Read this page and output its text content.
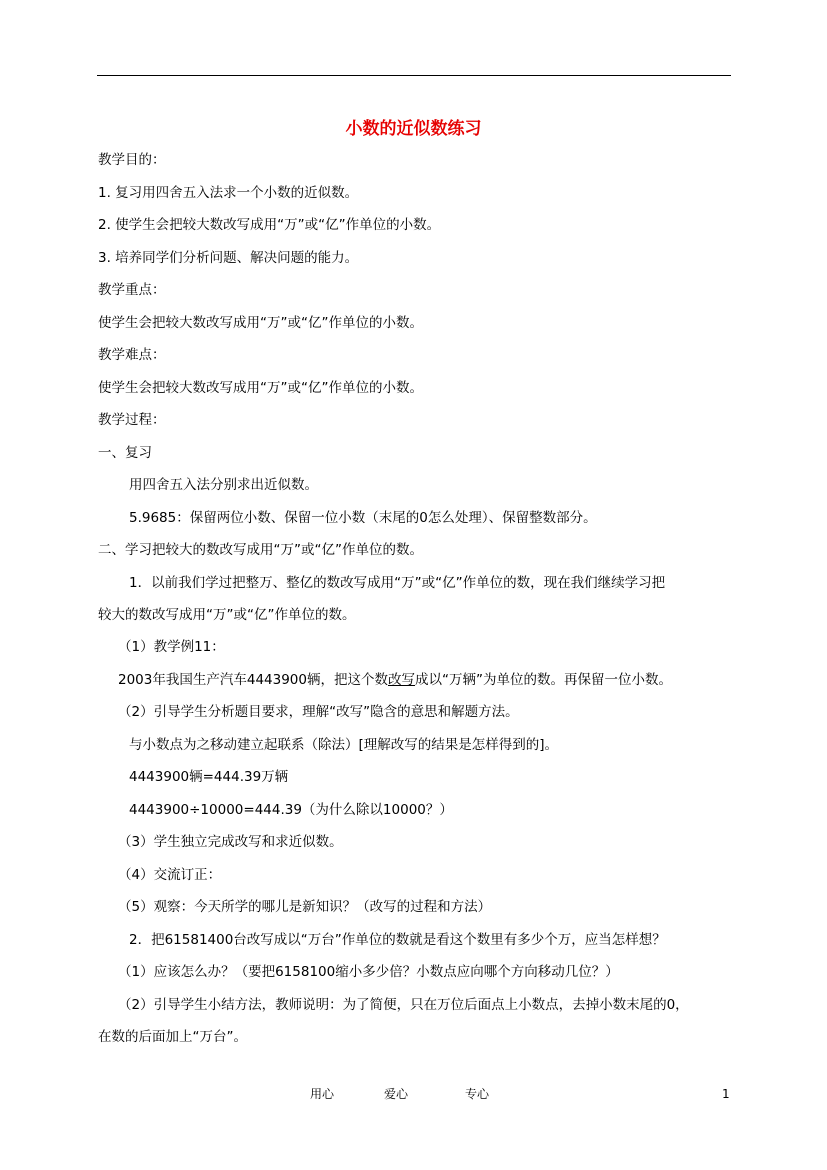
小数的近似数练习
教学目的：
1. 复习用四舍五入法求一个小数的近似数。
2. 使学生会把较大数改写成用“万”或“亿”作单位的小数。
3. 培养同学们分析问题、解决问题的能力。
教学重点：
使学生会把较大数改写成用“万”或“亿”作单位的小数。
教学难点：
使学生会把较大数改写成用“万”或“亿”作单位的小数。
教学过程：
一、复习
用四舍五入法分别求出近似数。
5.9685：保留两位小数、保留一位小数（末尾的0怎么处理）、保留整数部分。
二、学习把较大的数改写成用“万”或“亿”作单位的数。
1．以前我们学过把整万、整亿的数改写成用“万”或“亿”作单位的数，现在我们继续学习把
较大的数改写成用“万”或“亿”作单位的数。
（1）教学例11：
2003年我国生产汽车4443900辆，把这个数改写成以“万辆”为单位的数。再保留一位小数。
（2）引导学生分析题目要求，理解“改写”隐含的意思和解题方法。
与小数点为之移动建立起联系（除法）[理解改写的结果是怎样得到的]。
4443900辆=444.39万辆
4443900÷10000=444.39（为什么除以10000？）
（3）学生独立完成改写和求近似数。
（4）交流订正：
（5）观察：今天所学的哪儿是新知识？（改写的过程和方法）
2．把61581400台改写成以“万台”作单位的数就是看这个数里有多少个万，应当怎样想？
（1）应该怎么办？（要把6158100缩小多少倍？小数点应向哪个方向移动几位？）
（2）引导学生小结方法，教师说明：为了简便，只在万位后面点上小数点，去掉小数末尾的0，
在数的后面加上“万台”。
用心	爱心	专心	1
